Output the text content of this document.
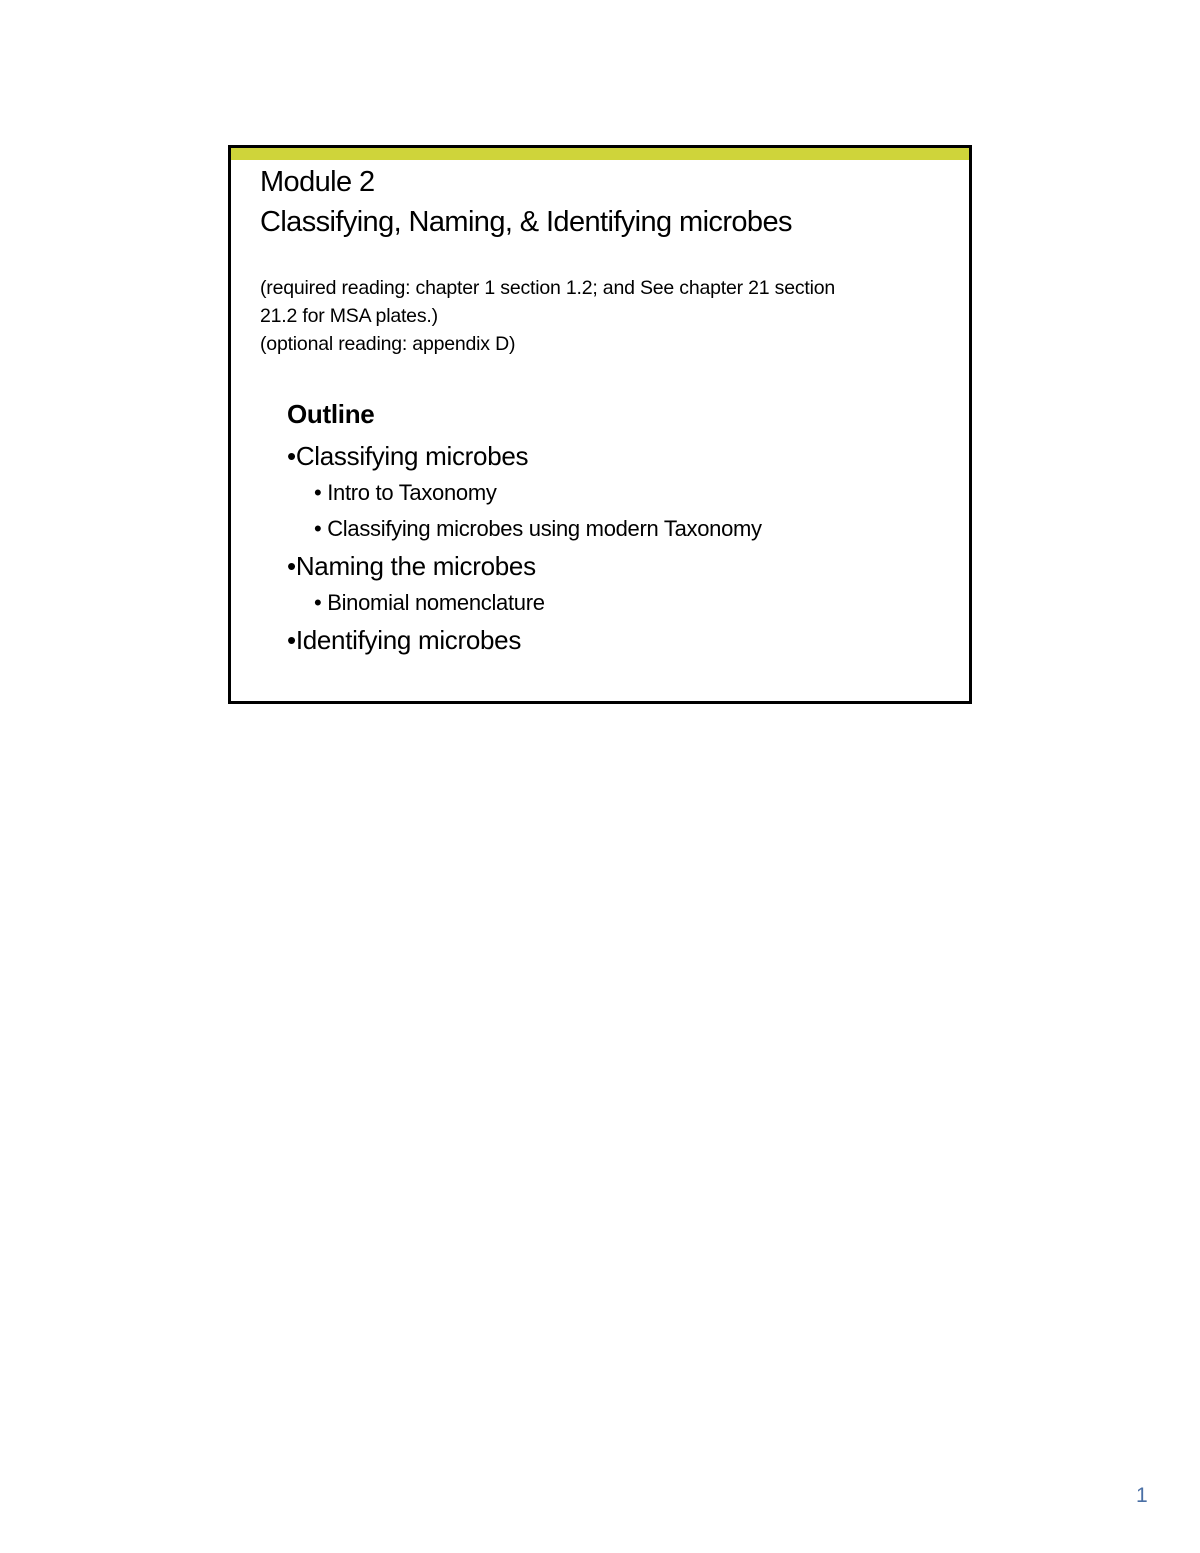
Module 2
Classifying, Naming, & Identifying microbes

(required reading: chapter 1 section 1.2; and See chapter 21 section

21.2 for MSA plates.)

(optional reading: appendix D)

Outline
•Classifying microbes
• Intro to Taxonomy
• Classifying microbes using modern Taxonomy
•Naming the microbes
• Binomial nomenclature
•Identifying microbes
1
